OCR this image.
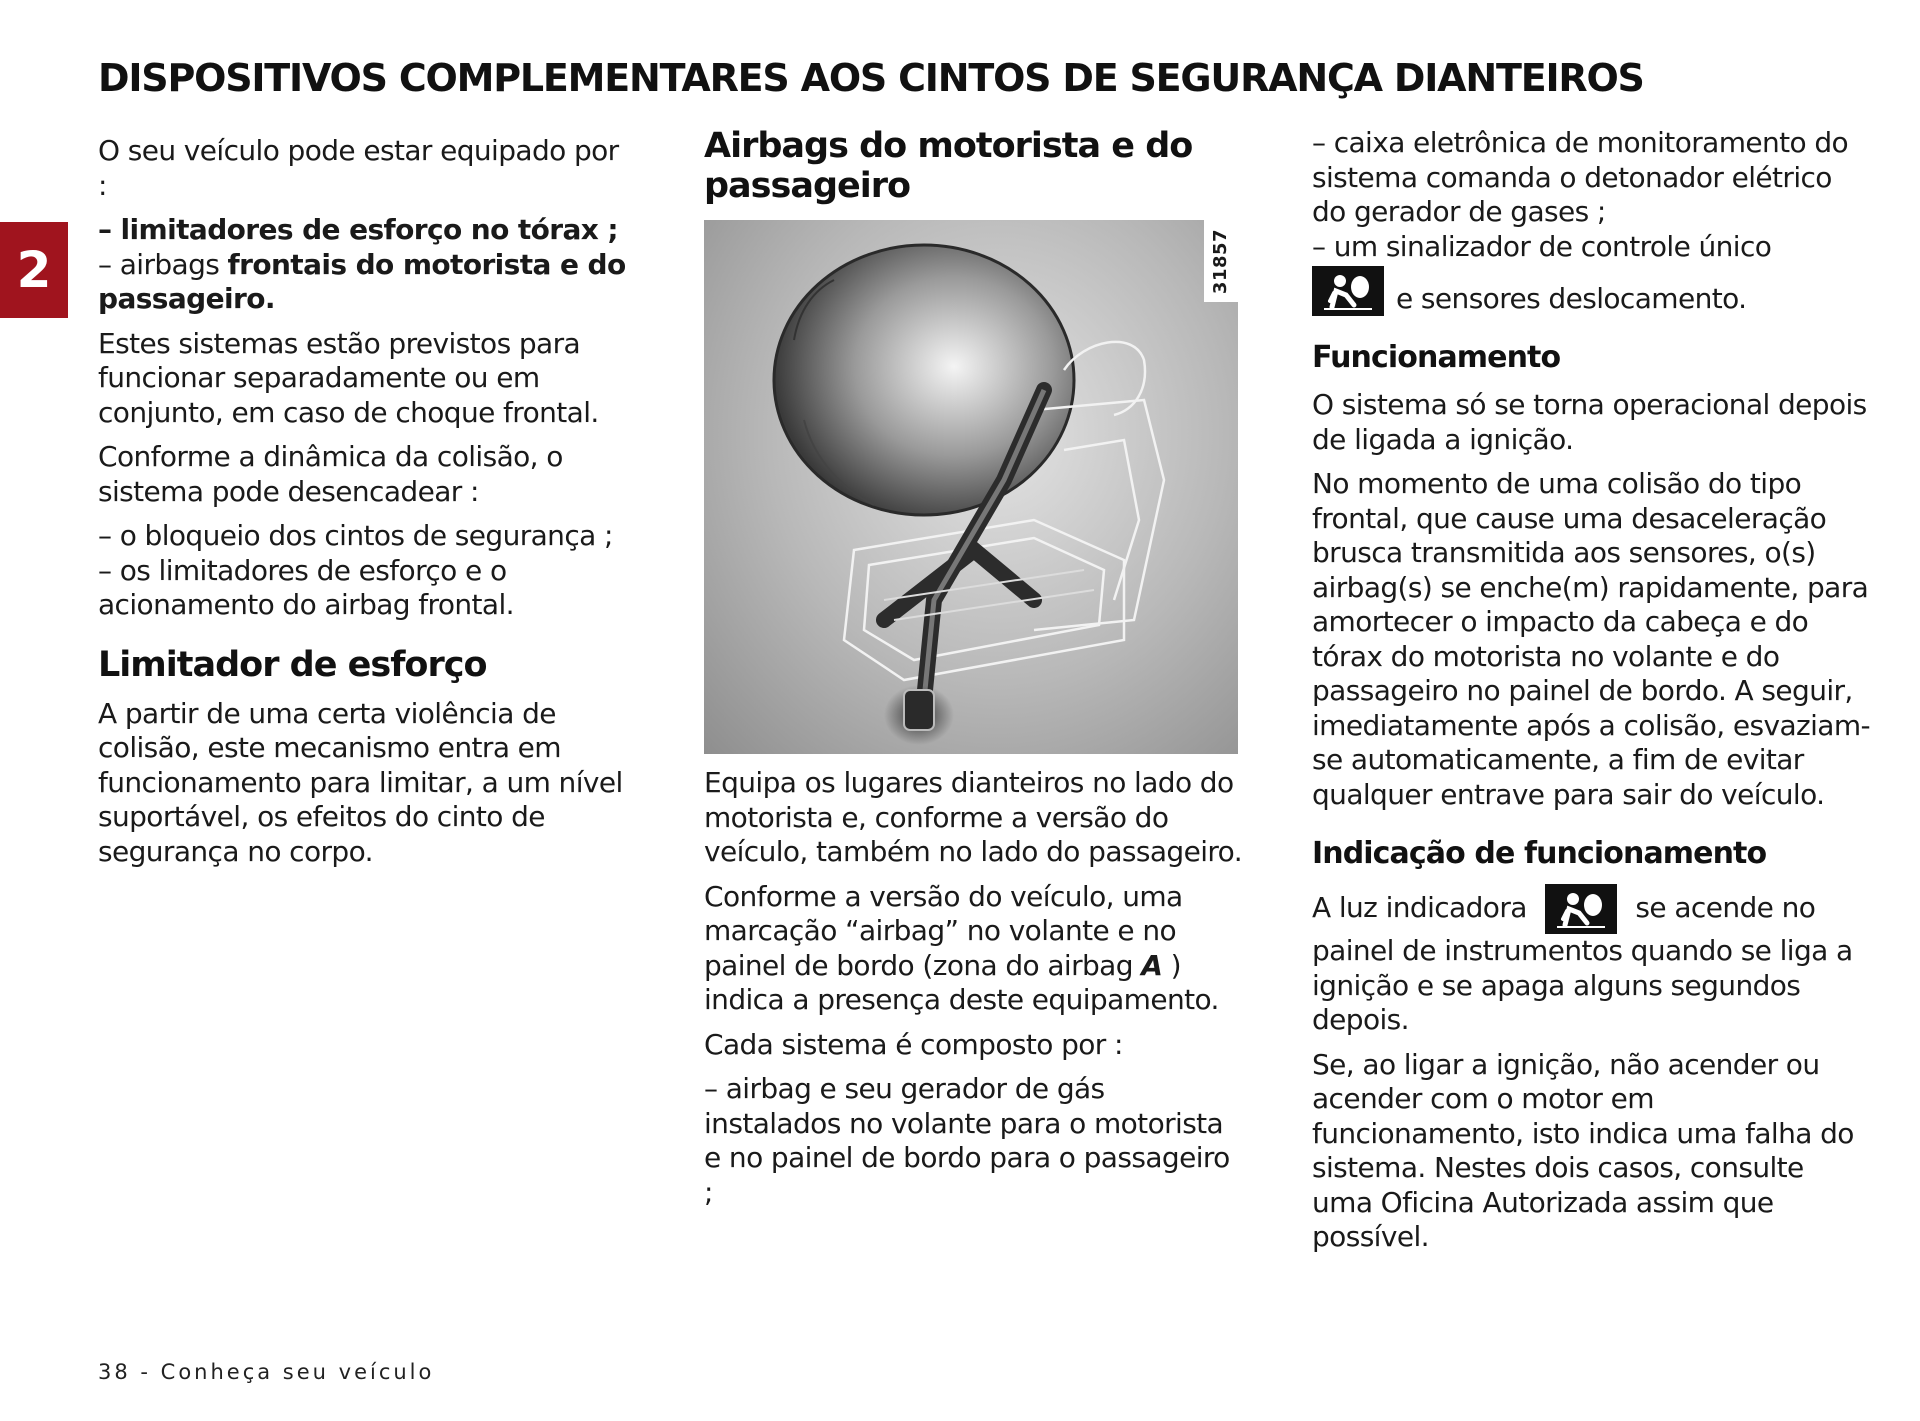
DISPOSITIVOS COMPLEMENTARES AOS CINTOS DE SEGURANÇA DIANTEIROS
2

O seu veículo pode estar equipado por :

– limitadores de esforço no tórax ;

– airbags frontais do motorista e do passageiro.

Estes sistemas estão previstos para funcionar separadamente ou em conjunto, em caso de choque frontal.

Conforme a dinâmica da colisão, o sistema pode desencadear :

– o bloqueio dos cintos de segurança ;

– os limitadores de esforço e o acionamento do airbag frontal.

Limitador de esforço

A partir de uma certa violência de colisão, este mecanismo entra em funcionamento para limitar, a um nível suportável, os efeitos do cinto de segurança no corpo.

Airbags do motorista e do passageiro
31857

Equipa os lugares dianteiros no lado do motorista e, conforme a versão do veículo, também no lado do passageiro.

Conforme a versão do veículo, uma marcação “airbag” no volante e no painel de bordo (zona do airbag A ) indica a presença deste equipamento.

Cada sistema é composto por :

– airbag e seu gerador de gás instalados no volante para o motorista e no painel de bordo para o passageiro ;

– caixa eletrônica de monitoramento do sistema comanda o detonador elétrico do gerador de gases ;

– um sinalizador de controle único

e sensores deslocamento.

Funcionamento

O sistema só se torna operacional depois de ligada a ignição.

No momento de uma colisão do tipo frontal, que cause uma desaceleração brusca transmitida aos sensores, o(s) airbag(s) se enche(m) rapidamente, para amortecer o impacto da cabeça e do tórax do motorista no volante e do passageiro no painel de bordo. A seguir, imediatamente após a colisão, esvaziam-se automaticamente, a fim de evitar qualquer entrave para sair do veículo.

Indicação de funcionamento

A luz indicadora	se acende no painel de instrumentos quando se liga a ignição e se apaga alguns segundos depois.

Se, ao ligar a ignição, não acender ou acender com o motor em funcionamento, isto indica uma falha do sistema. Nestes dois casos, consulte uma Oficina Autorizada assim que possível.

38 - Conheça seu veículo
